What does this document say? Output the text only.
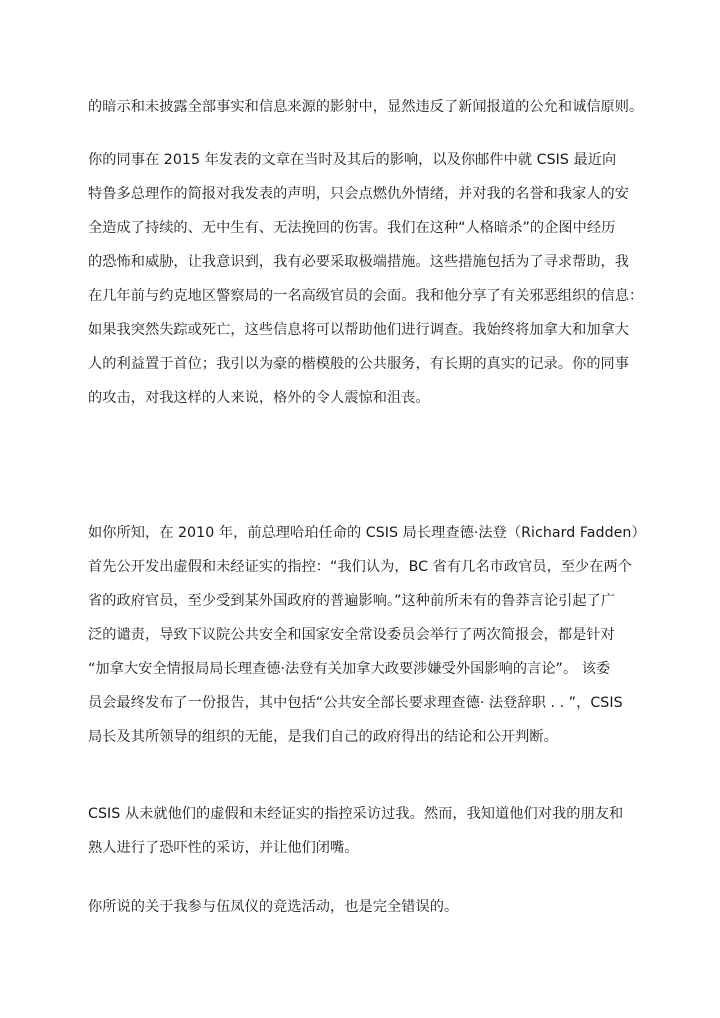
的暗示和未披露全部事实和信息来源的影射中，显然违反了新闻报道的公允和诚信原则。
你的同事在 2015 年发表的文章在当时及其后的影响，以及你邮件中就 CSIS 最近向
特鲁多总理作的简报对我发表的声明，只会点燃仇外情绪，并对我的名誉和我家人的安
全造成了持续的、无中生有、无法挽回的伤害。我们在这种“人格暗杀”的企图中经历
的恐怖和威胁，让我意识到，我有必要采取极端措施。这些措施包括为了寻求帮助，我
在几年前与约克地区警察局的一名高级官员的会面。我和他分享了有关邪恶组织的信息：
如果我突然失踪或死亡，这些信息将可以帮助他们进行调查。我始终将加拿大和加拿大
人的利益置于首位；我引以为豪的楷模般的公共服务，有长期的真实的记录。你的同事
的攻击，对我这样的人来说，格外的令人震惊和沮丧。
如你所知，在 2010 年，前总理哈珀任命的 CSIS 局长理查德·法登（Richard Fadden）
首先公开发出虚假和未经证实的指控：“我们认为，BC 省有几名市政官员，至少在两个
省的政府官员，至少受到某外国政府的普遍影响。”这种前所未有的鲁莽言论引起了广
泛的谴责，导致下议院公共安全和国家安全常设委员会举行了两次简报会，都是针对
“加拿大安全情报局局长理查德·法登有关加拿大政要涉嫌受外国影响的言论”。 该委
员会最终发布了一份报告，其中包括“公共安全部长要求理查德· 法登辞职 . . ”，CSIS
局长及其所领导的组织的无能，是我们自己的政府得出的结论和公开判断。
CSIS 从未就他们的虚假和未经证实的指控采访过我。然而，我知道他们对我的朋友和
熟人进行了恐吓性的采访，并让他们闭嘴。
你所说的关于我参与伍凤仪的竞选活动，也是完全错误的。
